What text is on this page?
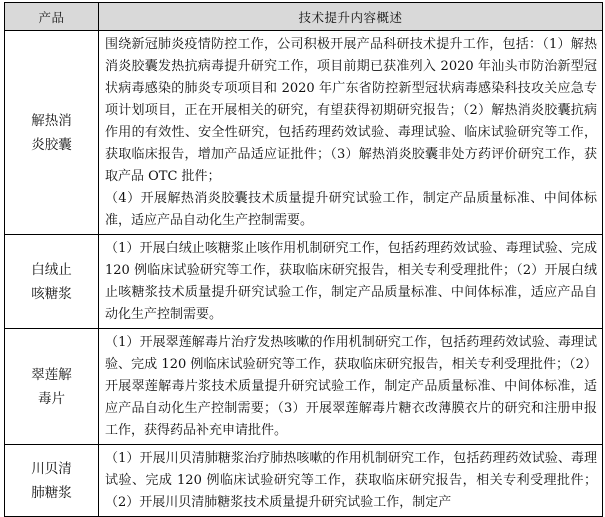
产品	技术提升内容概述

解热消
炎胶囊	围绕新冠肺炎疫情防控工作，公司积极开展产品科研技术提升工作，包括：（1）解热消炎胶囊发热抗病毒提升研究工作，项目前期已获准列入 2020 年汕头市防治新型冠状病毒感染的肺炎专项项目和 2020 年广东省防控新型冠状病毒感染科技攻关应急专项计划项目，正在开展相关的研究，有望获得初期研究报告；（2）解热消炎胶囊抗病作用的有效性、安全性研究，包括药理药效试验、毒理试验、临床试验研究等工作，获取临床报告，增加产品适应证批件；（3）解热消炎胶囊非处方药评价研究工作，获取产品 OTC 批件；
（4）开展解热消炎胶囊技术质量提升研究试验工作，制定产品质量标准、中间体标准，适应产品自动化生产控制需要。

白绒止
咳糖浆	（1）开展白绒止咳糖浆止咳作用机制研究工作，包括药理药效试验、毒理试验、完成 120 例临床试验研究等工作，获取临床研究报告，相关专利受理批件；（2）开展白绒止咳糖浆技术质量提升研究试验工作，制定产品质量标准、中间体标准，适应产品自动化生产控制需要。

翠莲解
毒片	（1）开展翠莲解毒片治疗发热咳嗽的作用机制研究工作，包括药理药效试验、毒理试验、完成 120 例临床试验研究等工作，获取临床研究报告，相关专利受理批件；（2）开展翠莲解毒片浆技术质量提升研究试验工作，制定产品质量标准、中间体标准，适应产品自动化生产控制需要；（3）开展翠莲解毒片糖衣改薄膜衣片的研究和注册申报工作，获得药品补充申请批件。

川贝清
肺糖浆	（1）开展川贝清肺糖浆治疗肺热咳嗽的作用机制研究工作，包括药理药效试验、毒理试验、完成 120 例临床试验研究等工作，获取临床研究报告，相关专利受理批件；（2）开展川贝清肺糖浆技术质量提升研究试验工作，制定产
